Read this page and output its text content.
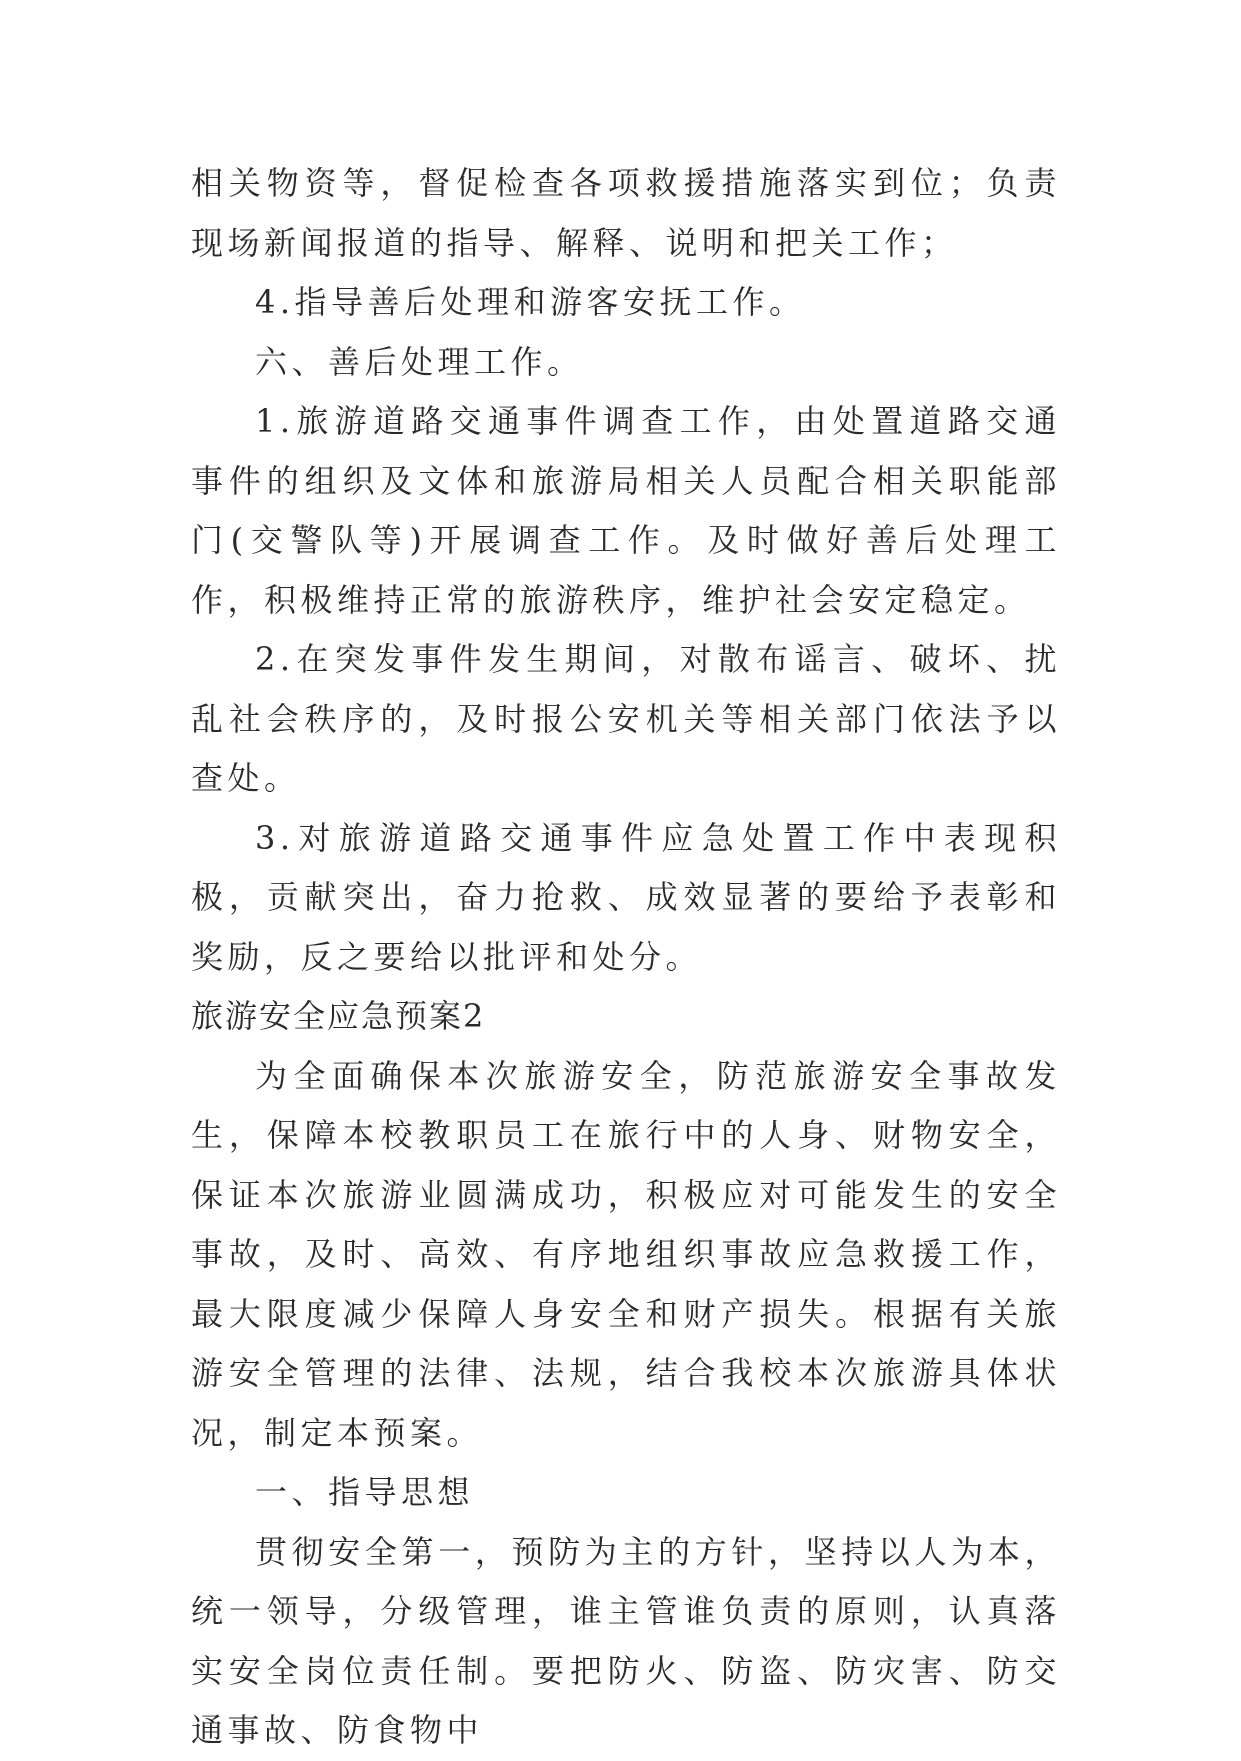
相关物资等，督促检查各项救援措施落实到位；负责现场新闻报道的指导、解释、说明和把关工作；

4.指导善后处理和游客安抚工作。

六、善后处理工作。

1.旅游道路交通事件调查工作，由处置道路交通事件的组织及文体和旅游局相关人员配合相关职能部门(交警队等)开展调查工作。及时做好善后处理工作，积极维持正常的旅游秩序，维护社会安定稳定。

2.在突发事件发生期间，对散布谣言、破坏、扰乱社会秩序的，及时报公安机关等相关部门依法予以查处。

3.对旅游道路交通事件应急处置工作中表现积极，贡献突出，奋力抢救、成效显著的要给予表彰和奖励，反之要给以批评和处分。

旅游安全应急预案2

为全面确保本次旅游安全，防范旅游安全事故发生，保障本校教职员工在旅行中的人身、财物安全，保证本次旅游业圆满成功，积极应对可能发生的安全事故，及时、高效、有序地组织事故应急救援工作，最大限度减少保障人身安全和财产损失。根据有关旅游安全管理的法律、法规，结合我校本次旅游具体状况，制定本预案。

一、指导思想

贯彻安全第一，预防为主的方针，坚持以人为本，统一领导，分级管理，谁主管谁负责的原则，认真落实安全岗位责任制。要把防火、防盗、防灾害、防交通事故、防食物中
